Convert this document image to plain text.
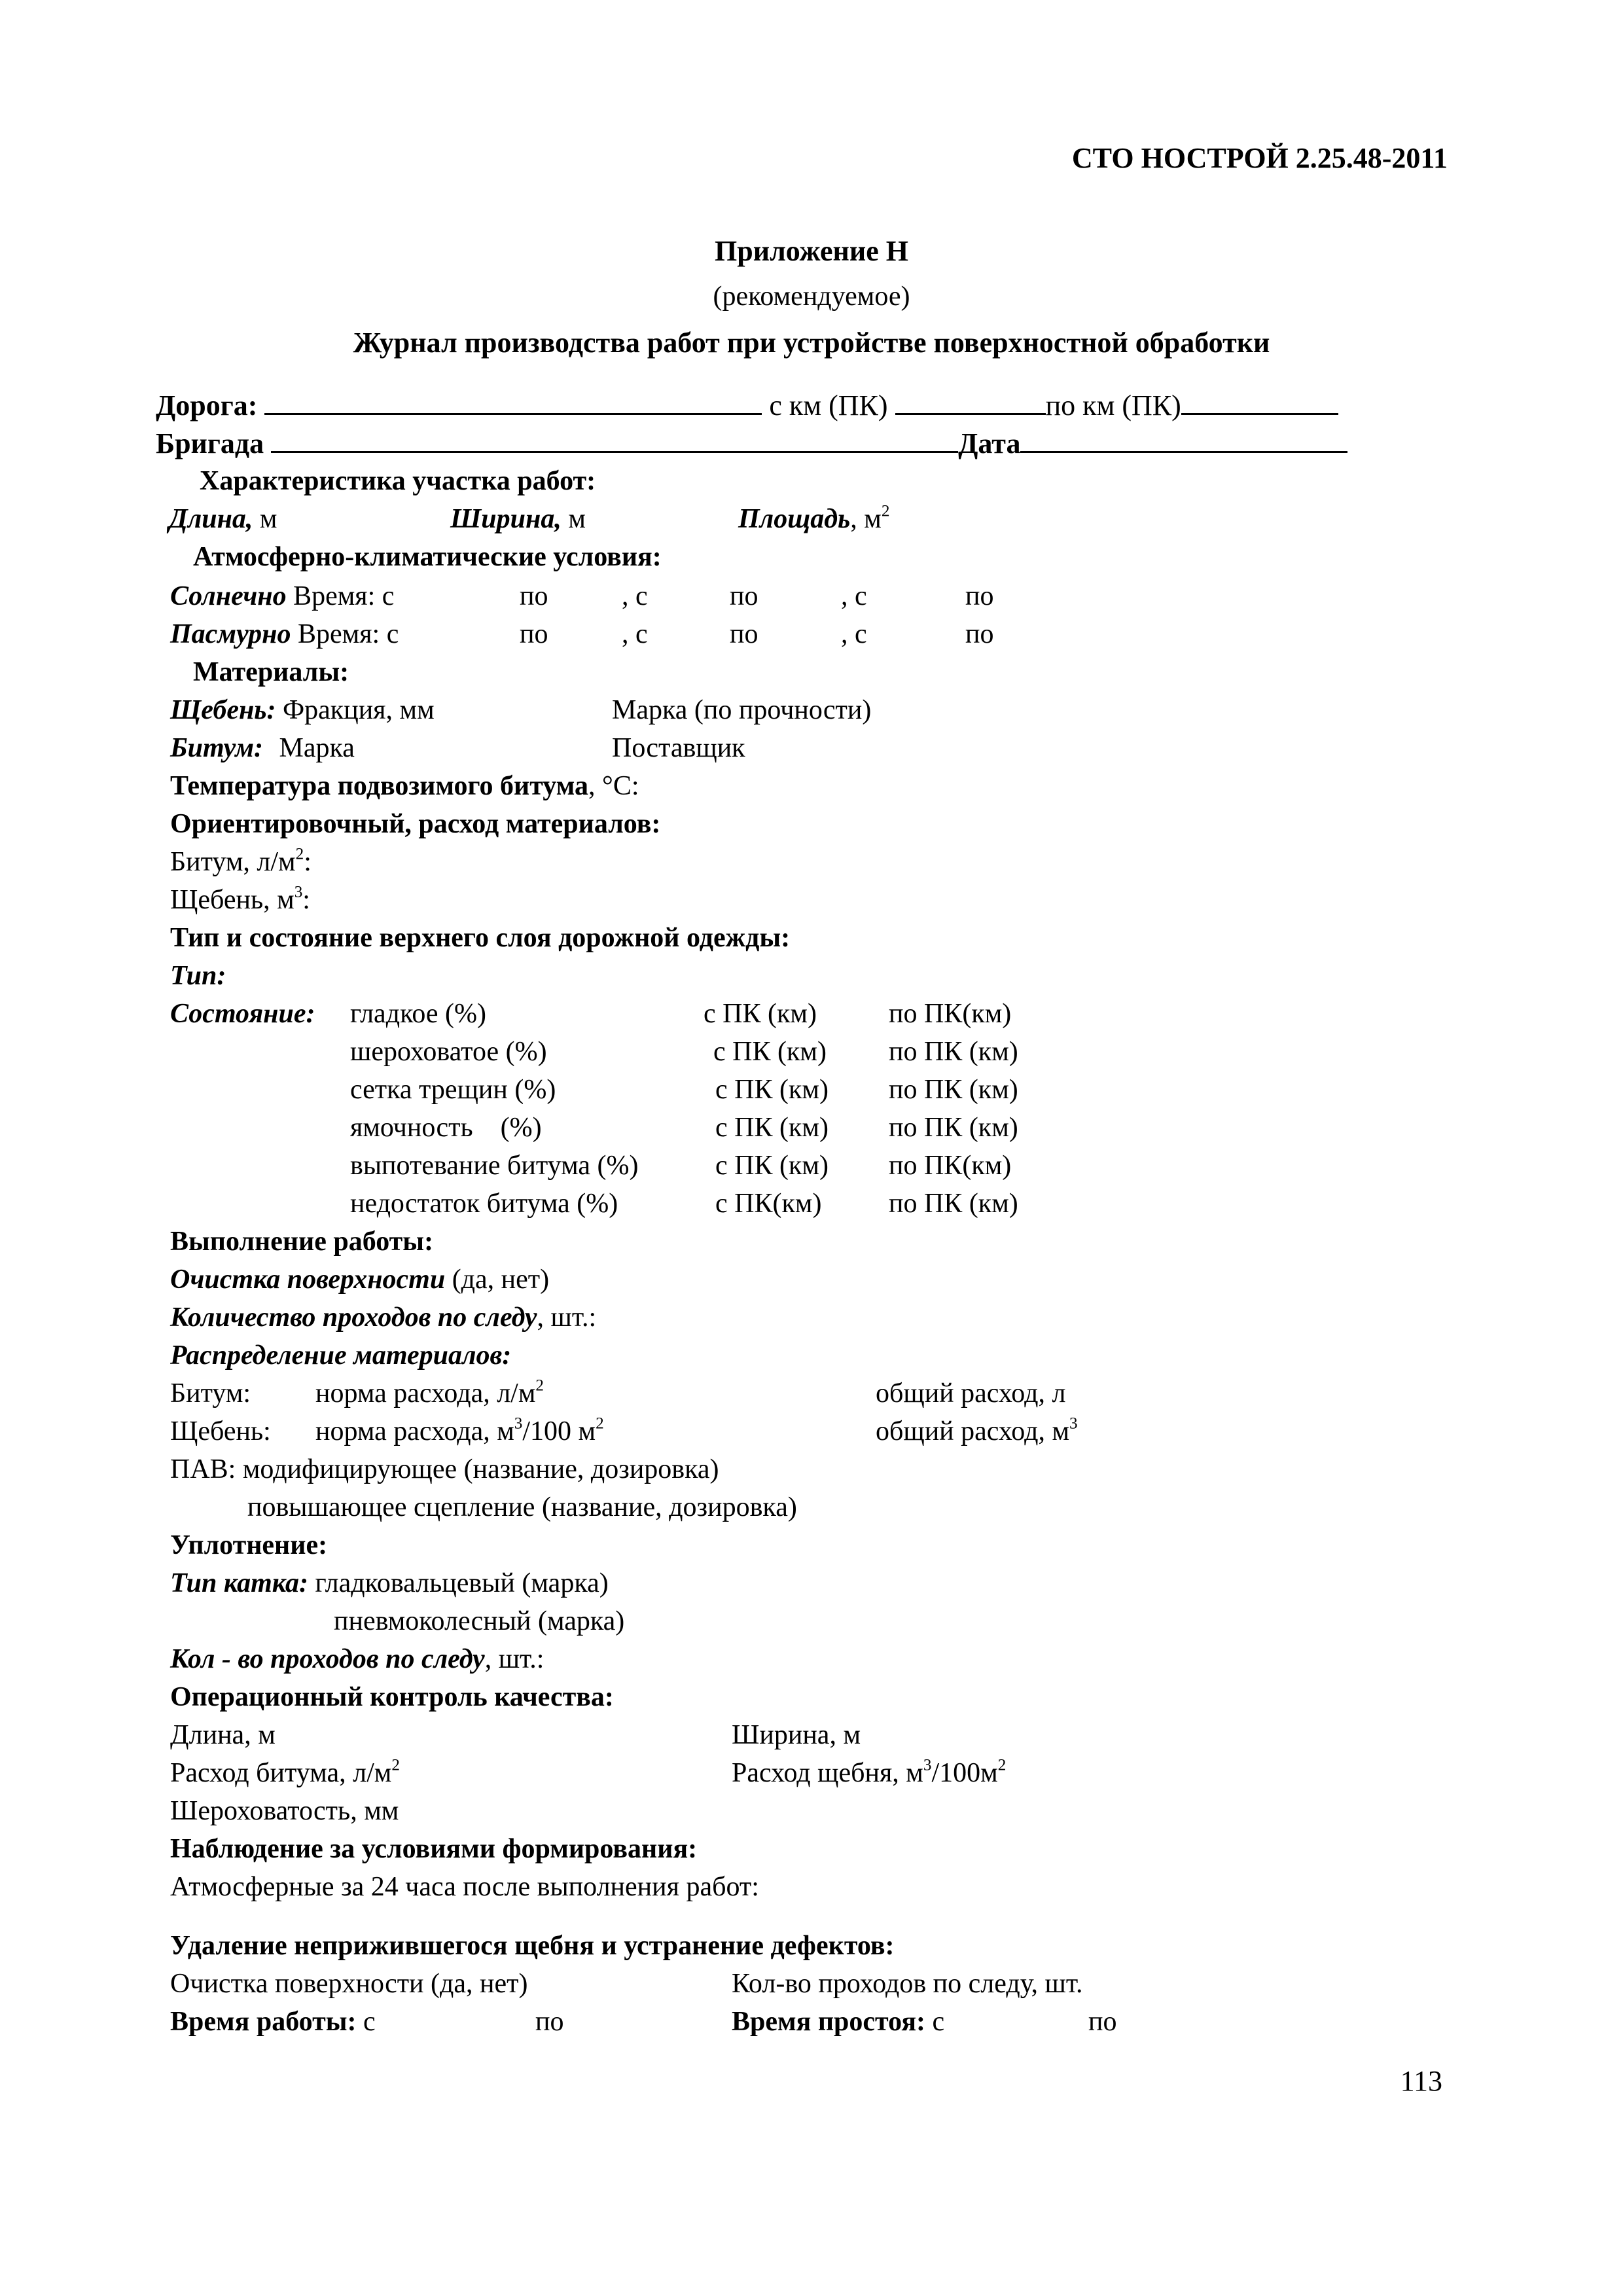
СТО НОСТРОЙ 2.25.48-2011
Приложение Н
(рекомендуемое)
Журнал производства работ при устройстве поверхностной обработки
Дорога:	с км (ПК)	по км (ПК)
Бригада	Дата
Характеристика участка работ:
Длина, м	Ширина, м	Площадь, $м^2$
Атмосферно-климатические условия:
Солнечно Время: с	по	, с	по	, с	по
Пасмурно Время: с	по	, с	по	, с	по
Материалы:
Щебень: Фракция, мм	Марка (по прочности)
Битум: Марка	Поставщик
Температура подвозимого битума, °С:
Ориентировочный, расход материалов:
Битум, $л/м^2$:
Щебень, $м^3$:
Тип и состояние верхнего слоя дорожной одежды:
Тип:
Состояние: гладкое (%)	с ПК (км)	по ПК(км)
шероховатое (%)	с ПК (км) по ПК (км)
сетка трещин (%)	с ПК (км) по ПК (км)
ямочность    (%)	с ПК (км) по ПК (км)
выпотевание битума (%)	с ПК (км) по ПК(км)
недостаток битума (%)	с ПК(км) по ПК (км)
Выполнение работы:
Очистка поверхности (да, нет)
Количество проходов по следу, шт.:
Распределение материалов:
Битум: норма расхода, $л/м^2$	общий расход, л
Щебень: норма расхода, $м^3/100$ $м^2$	общий расход, $м^3$
ПАВ: модифицирующее (название, дозировка)
повышающее сцепление (название, дозировка)
Уплотнение:
Тип катка: гладковальцевый (марка)
пневмоколесный (марка)
Кол - во проходов по следу, шт.:
Операционный контроль качества:
Длина, м	Ширина, м
Расход битума, $л/м^2$	Расход щебня, $м^3/100м^2$
Шероховатость, мм
Наблюдение за условиями формирования:
Атмосферные за 24 часа после выполнения работ:
Удаление неприжившегося щебня и устранение дефектов:
Очистка поверхности (да, нет)	Кол-во проходов по следу, шт.
Время работы: с	по	Время простоя: с	по
113
